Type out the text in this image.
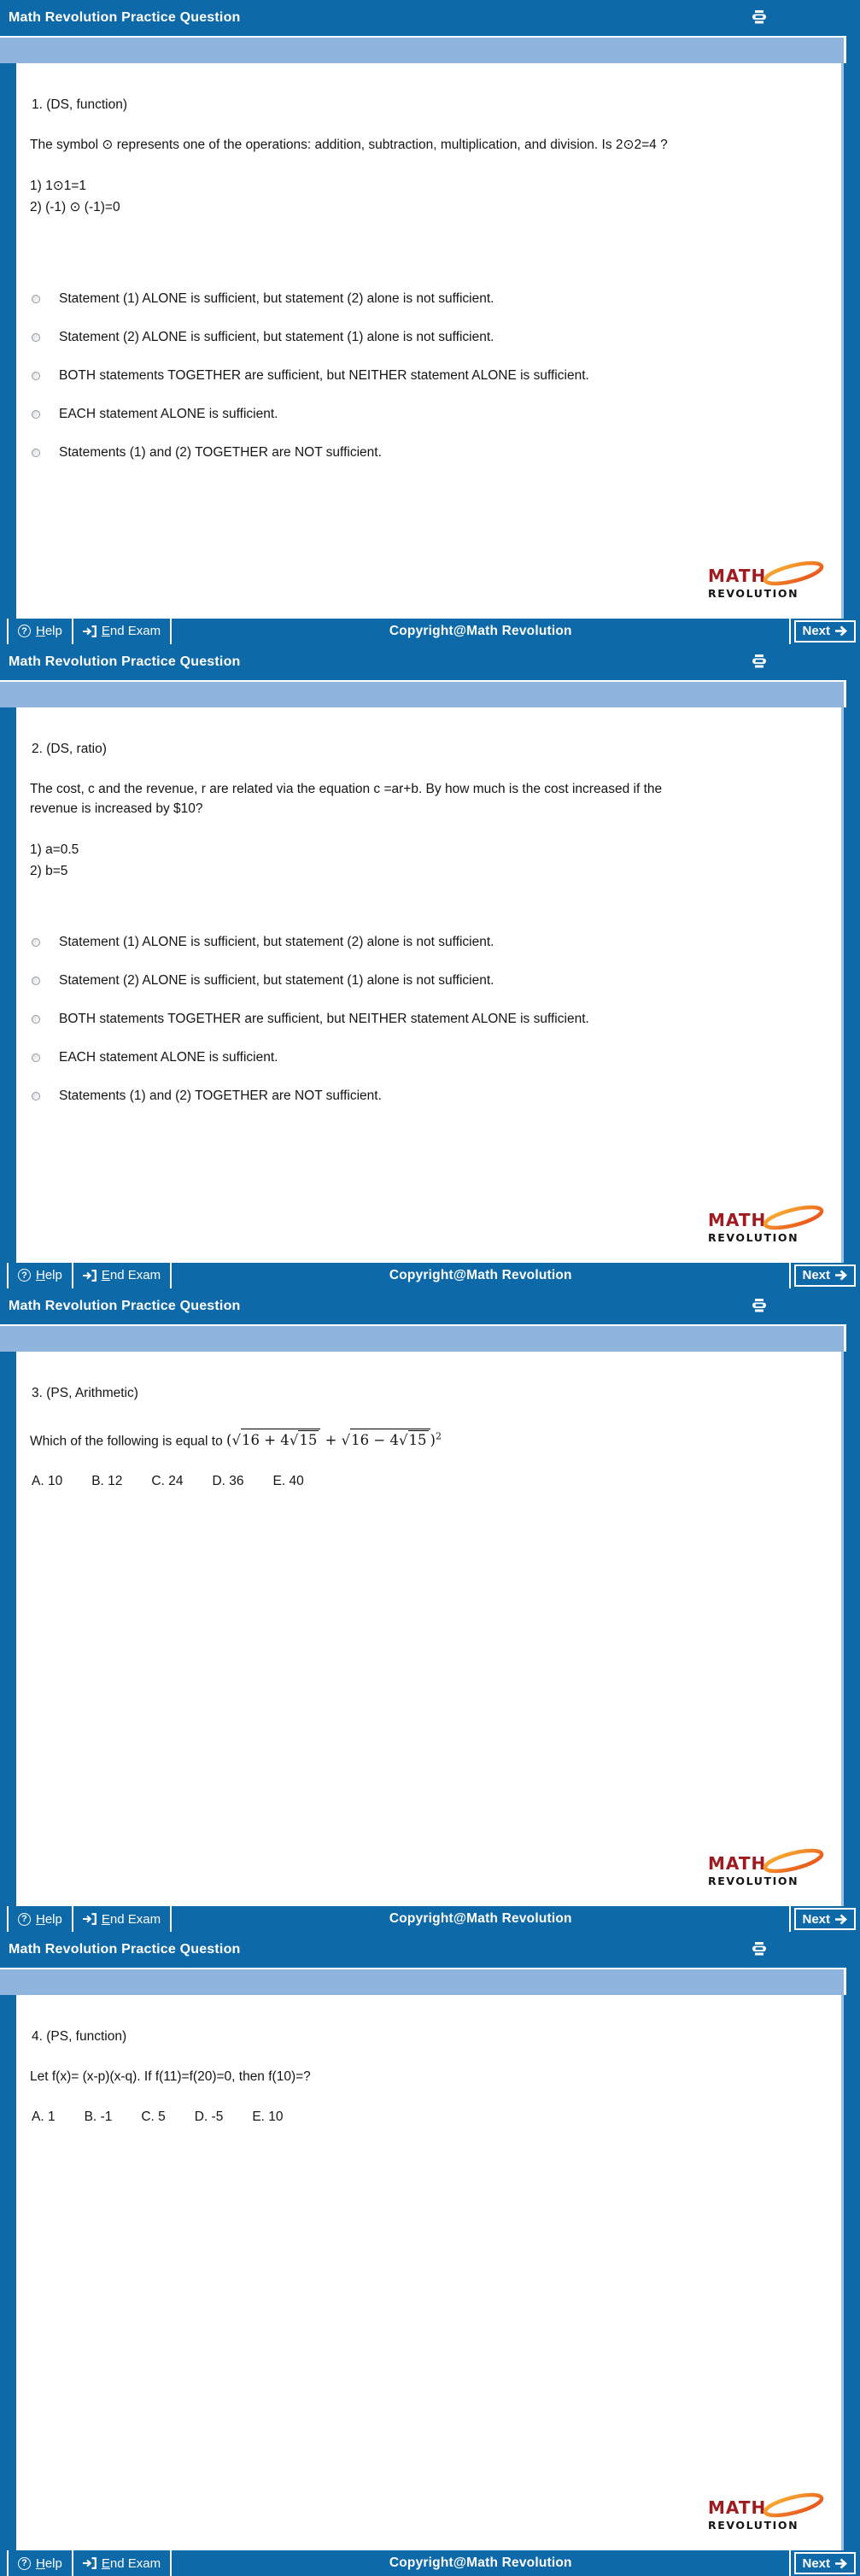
Math Revolution Practice Question
1. (DS, function)
The symbol ⊙ represents one of the operations: addition, subtraction, multiplication, and division. Is 2⊙2=4 ?
1) 1⊙1=1
2) (-1) ⊙ (-1)=0
Statement (1) ALONE is sufficient, but statement (2) alone is not sufficient.
Statement (2) ALONE is sufficient, but statement (1) alone is not sufficient.
BOTH statements TOGETHER are sufficient, but NEITHER statement ALONE is sufficient.
EACH statement ALONE is sufficient.
Statements (1) and (2) TOGETHER are NOT sufficient.
MATH
REVOLUTION
? Help	End Exam	Copyright@Math Revolution	Next
Math Revolution Practice Question
2. (DS, ratio)
The cost, c and the revenue, r are related via the equation c =ar+b. By how much is the cost increased if the
revenue is increased by $10?
1) a=0.5
2) b=5
Statement (1) ALONE is sufficient, but statement (2) alone is not sufficient.
Statement (2) ALONE is sufficient, but statement (1) alone is not sufficient.
BOTH statements TOGETHER are sufficient, but NEITHER statement ALONE is sufficient.
EACH statement ALONE is sufficient.
Statements (1) and (2) TOGETHER are NOT sufficient.
MATH
REVOLUTION
? Help	End Exam	Copyright@Math Revolution	Next
Math Revolution Practice Question
3. (PS, Arithmetic)
Which of the following is equal to (√16 + 4√15 + √16 − 4√15 )$^2$
A. 10 B. 12 C. 24 D. 36 E. 40
MATH
REVOLUTION
? Help	End Exam	Copyright@Math Revolution	Next
Math Revolution Practice Question
4. (PS, function)
Let f(x)= (x-p)(x-q). If f(11)=f(20)=0, then f(10)=?
A. 1 B. -1 C. 5 D. -5 E. 10
MATH
REVOLUTION
? Help	End Exam	Copyright@Math Revolution	Next
